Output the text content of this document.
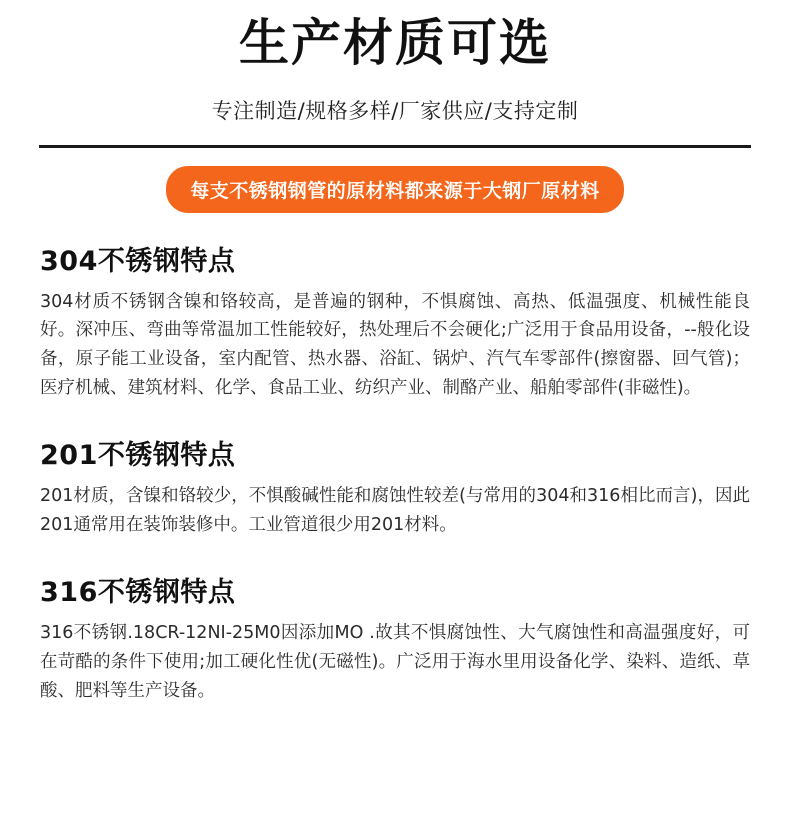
生产材质可选
专注制造/规格多样/厂家供应/支持定制
每支不锈钢钢管的原材料都来源于大钢厂原材料
304不锈钢特点

304材质不锈钢含镍和铬较高，是普遍的钢种，不惧腐蚀、高热、低温强度、机械性能良好。深冲压、弯曲等常温加工性能较好，热处理后不会硬化;广泛用于食品用设备，‐‐般化设备，原子能工业设备，室内配管、热水器、浴缸、锅炉、汽气车零部件(擦窗器、回气管)；医疗机械、建筑材料、化学、食品工业、纺织产业、制酪产业、船舶零部件(非磁性)。

201不锈钢特点

201材质，含镍和铬较少，不惧酸碱性能和腐蚀性较差(与常用的304和316相比而言)，因此201通常用在装饰装修中。工业管道很少用201材料。

316不锈钢特点

316不锈钢.18CR-12NI-25M0因添加MO .故其不惧腐蚀性、大气腐蚀性和高温强度好，可在苛酷的条件下使用;加工硬化性优(无磁性)。广泛用于海水里用设备化学、染料、造纸、草酸、肥料等生产设备。
